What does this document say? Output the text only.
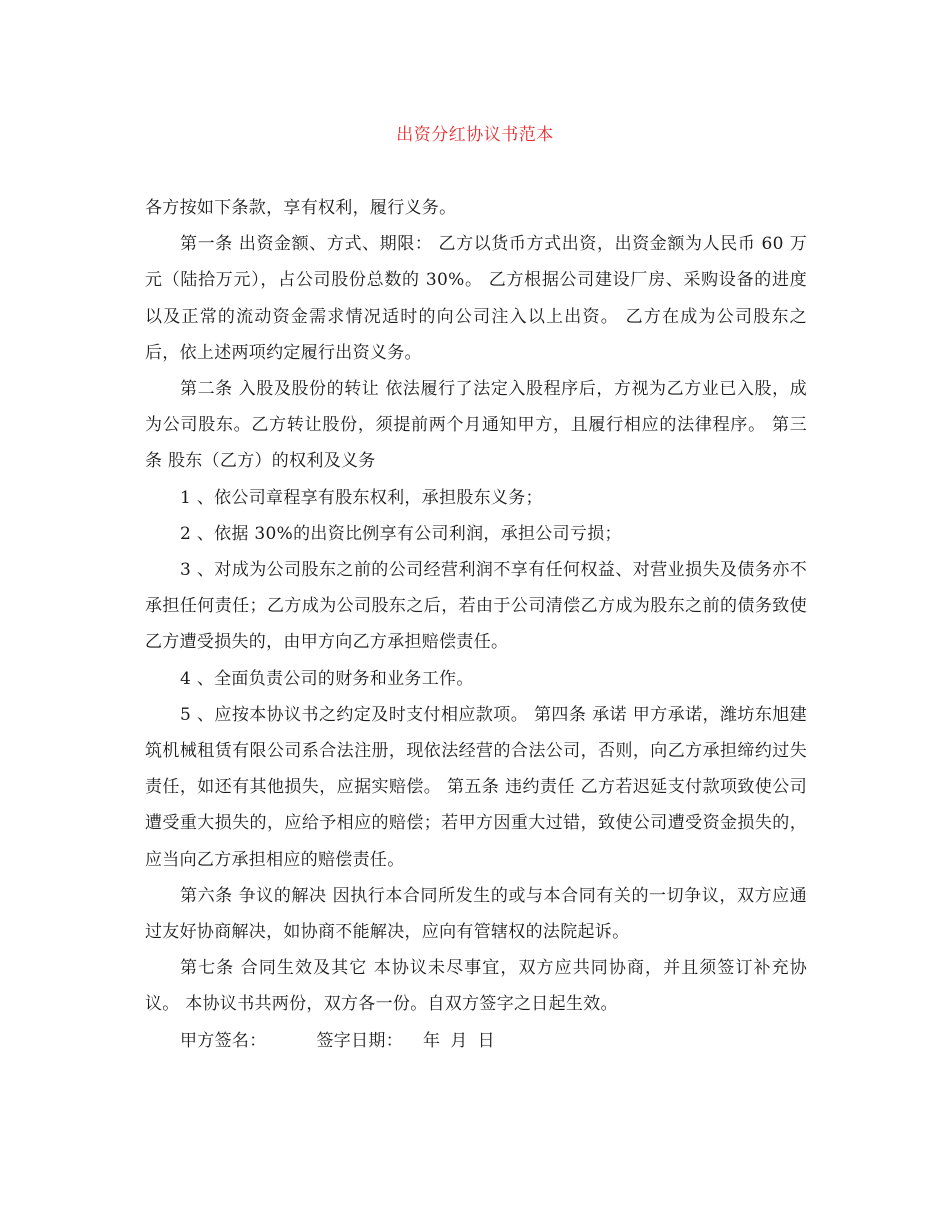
出资分红协议书范本

各方按如下条款，享有权利，履行义务。

第一条 出资金额、方式、期限： 乙方以货币方式出资，出资金额为人民币 60 万元（陆拾万元），占公司股份总数的 30%。 乙方根据公司建设厂房、采购设备的进度以及正常的流动资金需求情况适时的向公司注入以上出资。 乙方在成为公司股东之后，依上述两项约定履行出资义务。

第二条 入股及股份的转让 依法履行了法定入股程序后，方视为乙方业已入股，成为公司股东。乙方转让股份，须提前两个月通知甲方，且履行相应的法律程序。 第三条 股东（乙方）的权利及义务

1 、依公司章程享有股东权利，承担股东义务；

2 、依据 30%的出资比例享有公司利润，承担公司亏损；

3 、对成为公司股东之前的公司经营利润不享有任何权益、对营业损失及债务亦不承担任何责任；乙方成为公司股东之后，若由于公司清偿乙方成为股东之前的债务致使乙方遭受损失的，由甲方向乙方承担赔偿责任。

4 、全面负责公司的财务和业务工作。

5 、应按本协议书之约定及时支付相应款项。 第四条 承诺 甲方承诺，潍坊东旭建筑机械租赁有限公司系合法注册，现依法经营的合法公司，否则，向乙方承担缔约过失责任，如还有其他损失，应据实赔偿。 第五条 违约责任 乙方若迟延支付款项致使公司遭受重大损失的，应给予相应的赔偿；若甲方因重大过错，致使公司遭受资金损失的，应当向乙方承担相应的赔偿责任。

第六条 争议的解决 因执行本合同所发生的或与本合同有关的一切争议，双方应通过友好协商解决，如协商不能解决，应向有管辖权的法院起诉。

第七条 合同生效及其它 本协议未尽事宜，双方应共同协商，并且须签订补充协议。 本协议书共两份，双方各一份。自双方签字之日起生效。

甲方签名：	签字日期： 年 月 日
